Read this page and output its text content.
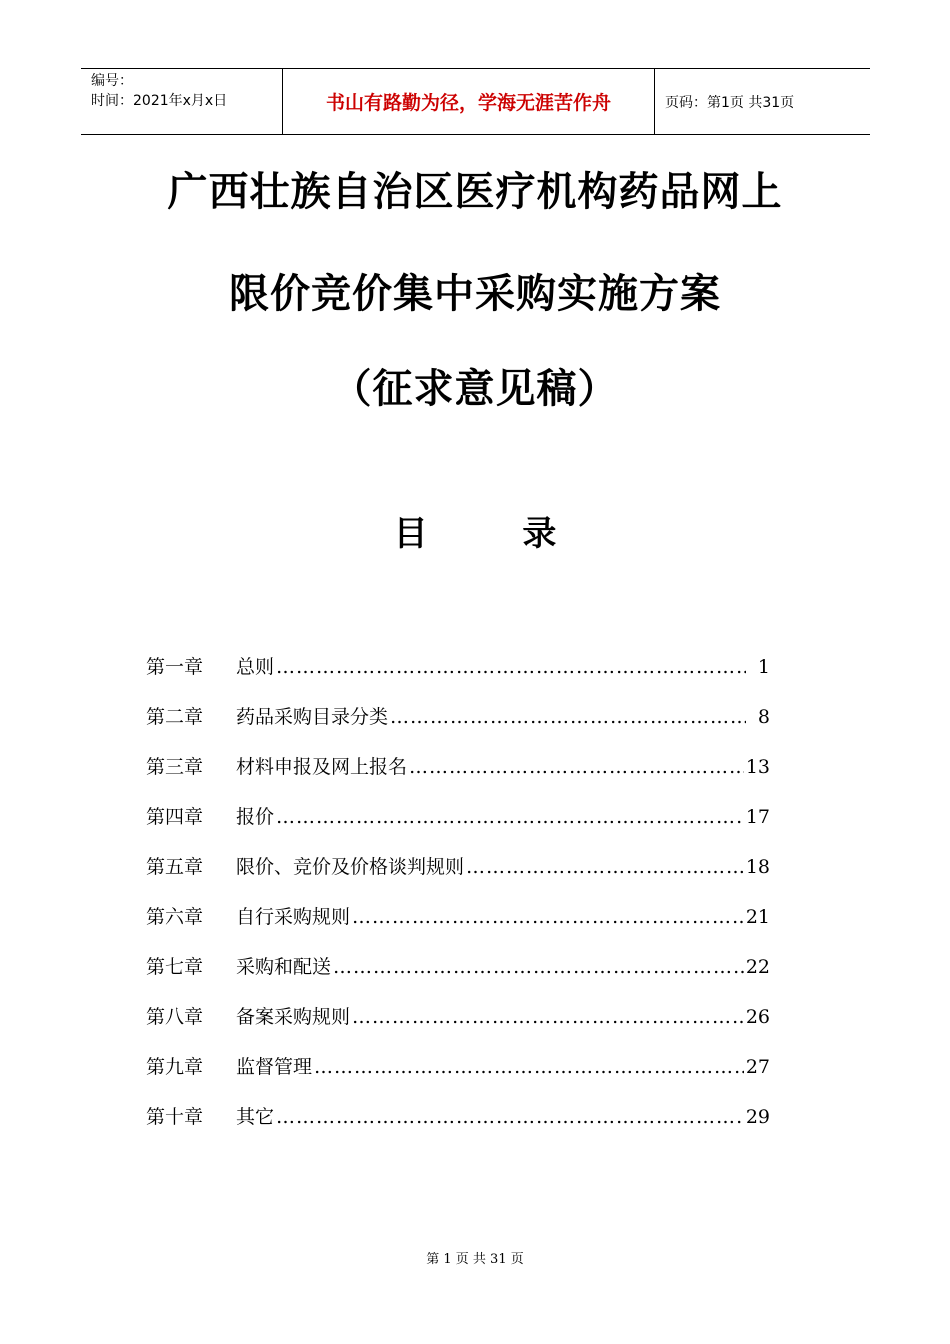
编号：
时间：2021年x月x日	书山有路勤为径，学海无涯苦作舟	页码：第1页 共31页
广西壮族自治区医疗机构药品网上
限价竞价集中采购实施方案
（征求意见稿）
目        录
第一章	总则 …………………………………………………………………………………………………	1
第二章	药品采购目录分类 …………………………………………………………………………………………………	8
第三章	材料申报及网上报名 …………………………………………………………………………………………………	13
第四章	报价 …………………………………………………………………………………………………	17
第五章	限价、竞价及价格谈判规则 …………………………………………………………………………………………………	18
第六章	自行采购规则 …………………………………………………………………………………………………	21
第七章	采购和配送 …………………………………………………………………………………………………	22
第八章	备案采购规则 …………………………………………………………………………………………………	26
第九章	监督管理 …………………………………………………………………………………………………	27
第十章	其它 …………………………………………………………………………………………………	29
第 1 页 共 31 页
